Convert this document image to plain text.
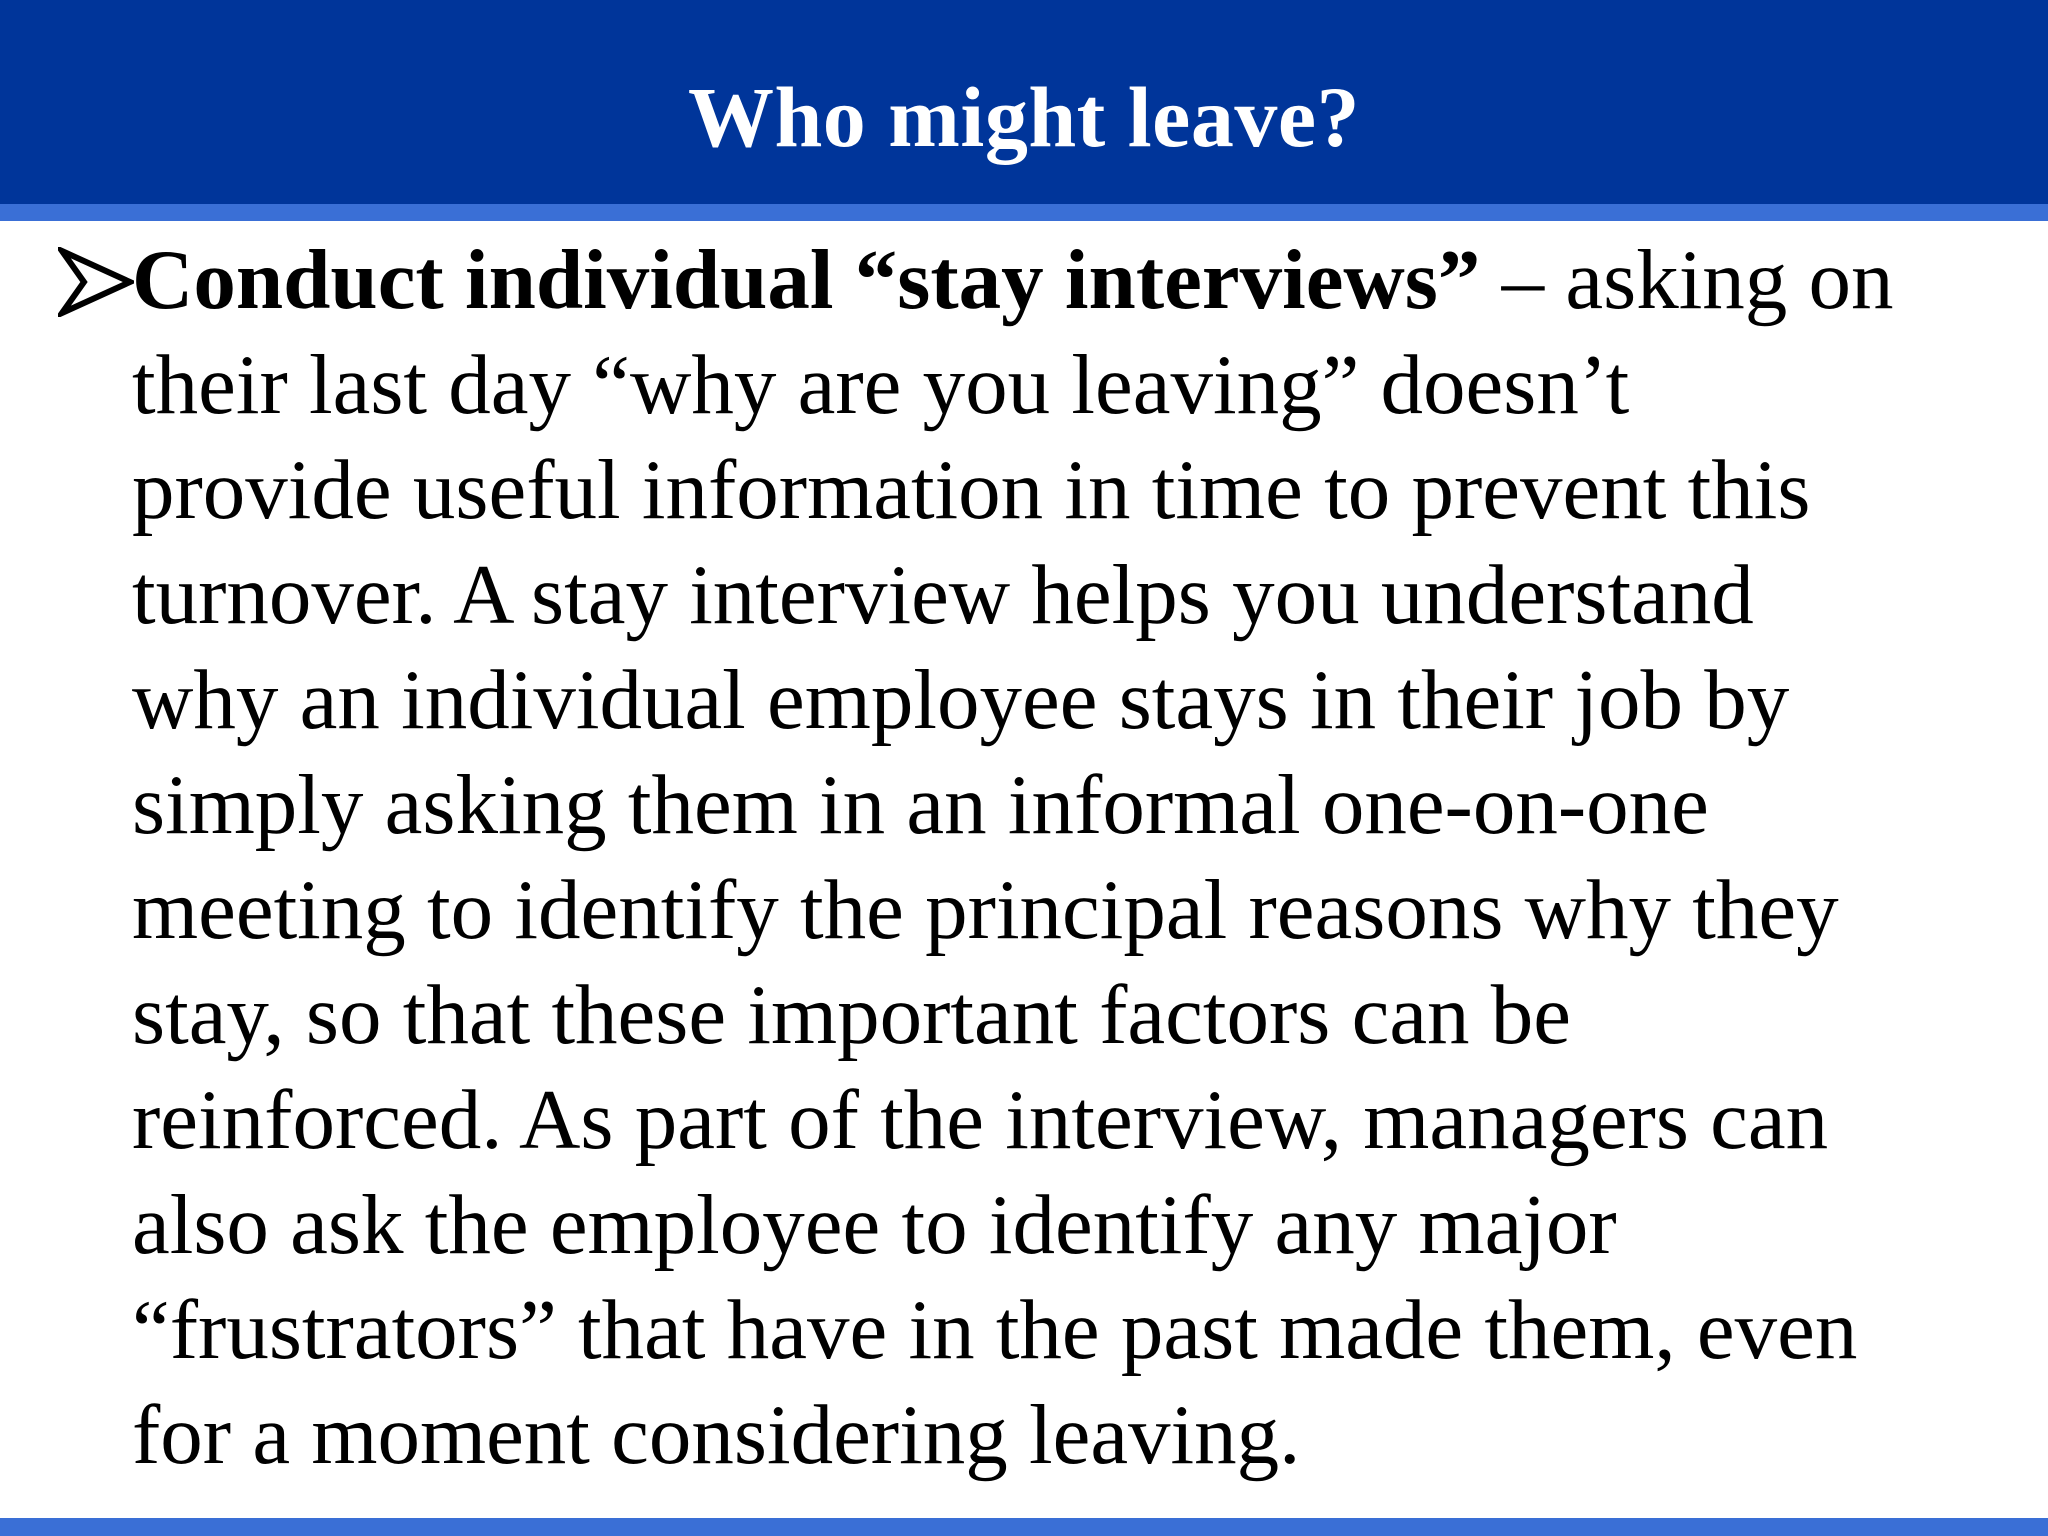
Who might leave?
Conduct individual “stay interviews” – asking on
their last day “why are you leaving” doesn’t
provide useful information in time to prevent this
turnover. A stay interview helps you understand
why an individual employee stays in their job by
simply asking them in an informal one-on-one
meeting to identify the principal reasons why they
stay, so that these important factors can be
reinforced. As part of the interview, managers can
also ask the employee to identify any major
“frustrators” that have in the past made them, even
for a moment considering leaving.
